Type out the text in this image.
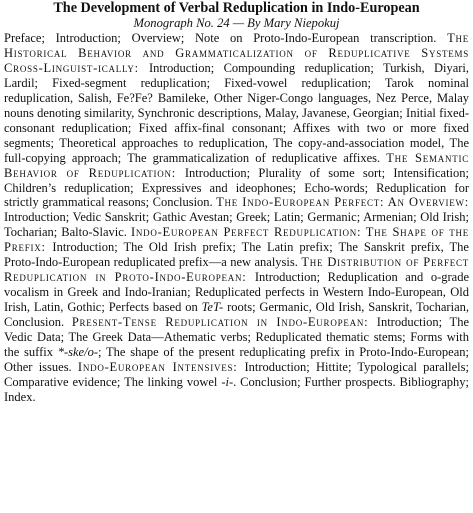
The Development of Verbal Reduplication in Indo-European
Monograph No. 24 — By Mary Niepokuj

Preface; Introduction; Overview; Note on Proto-Indo-European transcription. The Historical Behavior and Grammaticalization of Reduplicative Systems Cross-Linguist-ically: Introduction; Compounding reduplication; Turkish, Diyari, Lardil; Fixed-segment reduplication; Fixed-vowel reduplication; Tarok nominal reduplication, Salish, Fe?Fe? Bamileke, Other Niger-Congo languages, Nez Perce, Malay nouns denoting similarity, Synchronic descriptions, Malay, Javanese, Georgian; Initial fixed-consonant reduplication; Fixed affix-final consonant; Affixes with two or more fixed segments; Theoretical approaches to reduplication, The copy-and-association model, The full-copying approach; The grammaticalization of reduplicative affixes. The Semantic Behavior of Reduplication: Introduction; Plurality of some sort; Intensification; Children’s reduplication; Expressives and ideophones; Echo-words; Reduplication for strictly grammatical reasons; Conclusion. The Indo-European Perfect: An Overview: Introduction; Vedic Sanskrit; Gathic Avestan; Greek; Latin; Germanic; Armenian; Old Irish; Tocharian; Balto-Slavic. Indo-European Perfect Reduplication: The Shape of the Prefix: Introduction; The Old Irish prefix; The Latin prefix; The Sanskrit prefix, The Proto-Indo-European reduplicated prefix—a new analysis. The Distribution of Perfect Reduplication in Proto-Indo-European: Introduction; Reduplication and o-grade vocalism in Greek and Indo-Iranian; Reduplicated perfects in Western Indo-European, Old Irish, Latin, Gothic; Perfects based on TeT- roots; Germanic, Old Irish, Sanskrit, Tocharian, Conclusion. Present-Tense Reduplication in Indo-European: Introduction; The Vedic Data; The Greek Data—Athematic verbs; Reduplicated thematic stems; Forms with the suffix *-ske/o-; The shape of the present reduplicating prefix in Proto-Indo-European; Other issues. Indo-European Intensives: Introduction; Hittite; Typological parallels; Comparative evidence; The linking vowel -i-. Conclusion; Further prospects. Bibliography; Index.
